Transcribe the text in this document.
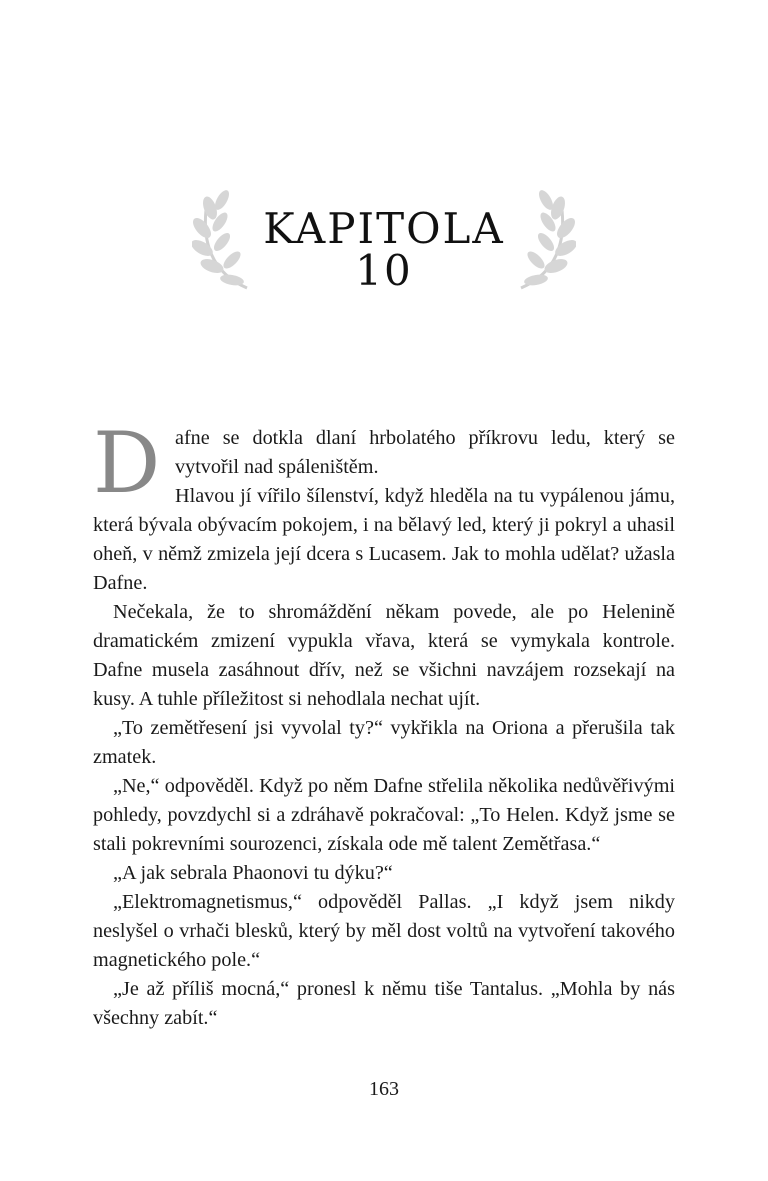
KAPITOLA 10

D afne se dotkla dlaní hrbolatého příkrovu ledu, který se vytvořil nad spáleništěm.

Hlavou jí vířilo šílenství, když hleděla na tu vypálenou jámu, která bývala obývacím pokojem, i na bělavý led, který ji pokryl a uhasil oheň, v němž zmizela její dcera s Lucasem. Jak to mohla udělat? užasla Dafne.

Nečekala, že to shromáždění někam povede, ale po Helenině dramatickém zmizení vypukla vřava, která se vymykala kontrole. Dafne musela zasáhnout dřív, než se všichni navzájem rozsekají na kusy. A tuhle příležitost si nehodlala nechat ujít.

„To zemětřesení jsi vyvolal ty?“ vykřikla na Oriona a přerušila tak zmatek.

„Ne,“ odpověděl. Když po něm Dafne střelila několika nedůvěřivými pohledy, povzdychl si a zdráhavě pokračoval: „To Helen. Když jsme se stali pokrevními sourozenci, získala ode mě talent Zemětřasa.“

„A jak sebrala Phaonovi tu dýku?“

„Elektromagnetismus,“ odpověděl Pallas. „I když jsem nikdy neslyšel o vrhači blesků, který by měl dost voltů na vytvoření takového magnetického pole.“

„Je až příliš mocná,“ pronesl k němu tiše Tantalus. „Mohla by nás všechny zabít.“

163
